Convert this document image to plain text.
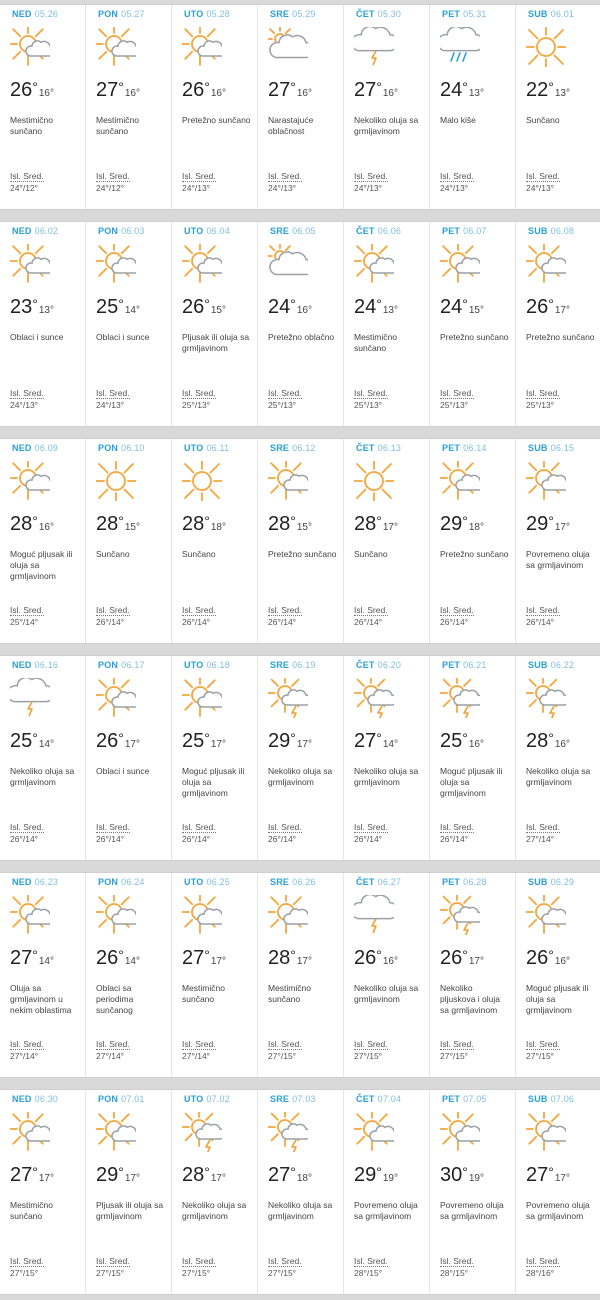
NED 05.26
26°16°
Mestimično sunčano
Isl. Sred.
24°/12°
PON 05.27
27°16°
Mestimično sunčano
Isl. Sred.
24°/12°
UTO 05.28
26°16°
Pretežno sunčano
Isl. Sred.
24°/13°
SRE 05.29
27°16°
Narastajuće oblačnost
Isl. Sred.
24°/13°
ČET 05.30
27°16°
Nekoliko oluja sa grmljavinom
Isl. Sred.
24°/13°
PET 05.31
24°13°
Malo kiše
Isl. Sred.
24°/13°
SUB 06.01
22°13°
Sunčano
Isl. Sred.
24°/13°
NED 06.02
23°13°
Oblaci i sunce
Isl. Sred.
24°/13°
PON 06.03
25°14°
Oblaci i sunce
Isl. Sred.
24°/13°
UTO 06.04
26°15°
Pljusak ili oluja sa grmljavinom
Isl. Sred.
25°/13°
SRE 06.05
24°16°
Pretežno oblačno
Isl. Sred.
25°/13°
ČET 06.06
24°13°
Mestimično sunčano
Isl. Sred.
25°/13°
PET 06.07
24°15°
Pretežno sunčano
Isl. Sred.
25°/13°
SUB 06.08
26°17°
Pretežno sunčano
Isl. Sred.
25°/13°
NED 06.09
28°16°
Moguć pljusak ili oluja sa grmljavinom
Isl. Sred.
25°/14°
PON 06.10
28°15°
Sunčano
Isl. Sred.
26°/14°
UTO 06.11
28°18°
Sunčano
Isl. Sred.
26°/14°
SRE 06.12
28°15°
Pretežno sunčano
Isl. Sred.
26°/14°
ČET 06.13
28°17°
Sunčano
Isl. Sred.
26°/14°
PET 06.14
29°18°
Pretežno sunčano
Isl. Sred.
26°/14°
SUB 06.15
29°17°
Povremeno oluja sa grmljavinom
Isl. Sred.
26°/14°
NED 06.16
25°14°
Nekoliko oluja sa grmljavinom
Isl. Sred.
26°/14°
PON 06.17
26°17°
Oblaci i sunce
Isl. Sred.
26°/14°
UTO 06.18
25°17°
Moguć pljusak ili oluja sa grmljavinom
Isl. Sred.
26°/14°
SRE 06.19
29°17°
Nekoliko oluja sa grmljavinom
Isl. Sred.
26°/14°
ČET 06.20
27°14°
Nekoliko oluja sa grmljavinom
Isl. Sred.
26°/14°
PET 06.21
25°16°
Moguć pljusak ili oluja sa grmljavinom
Isl. Sred.
26°/14°
SUB 06.22
28°16°
Nekoliko oluja sa grmljavinom
Isl. Sred.
27°/14°
NED 06.23
27°14°
Oluja sa grmljavinom u nekim oblastima
Isl. Sred.
27°/14°
PON 06.24
26°14°
Oblaci sa periodima sunčanog
Isl. Sred.
27°/14°
UTO 06.25
27°17°
Mestimično sunčano
Isl. Sred.
27°/14°
SRE 06.26
28°17°
Mestimično sunčano
Isl. Sred.
27°/15°
ČET 06.27
26°16°
Nekoliko oluja sa grmljavinom
Isl. Sred.
27°/15°
PET 06.28
26°17°
Nekoliko pljuskova i oluja sa grmljavinom
Isl. Sred.
27°/15°
SUB 06.29
26°16°
Moguć pljusak ili oluja sa grmljavinom
Isl. Sred.
27°/15°
NED 06.30
27°17°
Mestimično sunčano
Isl. Sred.
27°/15°
PON 07.01
29°17°
Pljusak ili oluja sa grmljavinom
Isl. Sred.
27°/15°
UTO 07.02
28°17°
Nekoliko oluja sa grmljavinom
Isl. Sred.
27°/15°
SRE 07.03
27°18°
Nekoliko oluja sa grmljavinom
Isl. Sred.
27°/15°
ČET 07.04
29°19°
Povremeno oluja sa grmljavinom
Isl. Sred.
28°/15°
PET 07.05
30°19°
Povremeno oluja sa grmljavinom
Isl. Sred.
28°/15°
SUB 07.06
27°17°
Povremeno oluja sa grmljavinom
Isl. Sred.
28°/16°
